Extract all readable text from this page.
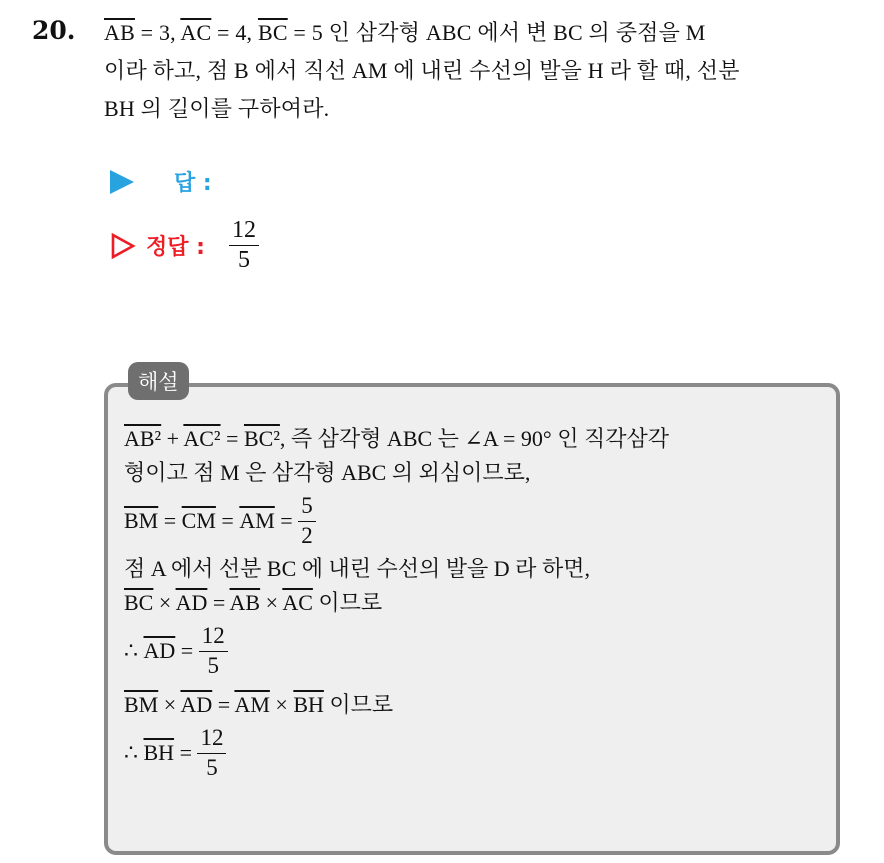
20. $\overline{AB} = 3$, $\overline{AC} = 4$, $\overline{BC} = 5$ 인 삼각형 ABC 에서 변 BC 의 중점을 M
이라 하고, 점 B 에서 직선 AM 에 내린 수선의 발을 H 라 할 때, 선분
BH 의 길이를 구하여라.
답 :
정답 : $\frac{12}{5}$
해설
AB² + AC² = BC², 즉 삼각형 ABC 는 ∠A = 90° 인 직각삼각
형이고 점 M 은 삼각형 ABC 의 외심이므로,
$\overline{BM} = \overline{CM} = \overline{AM} = \frac{5}{2}$
점 A 에서 선분 BC 에 내린 수선의 발을 D 라 하면,
$\overline{BC} \times \overline{AD} = \overline{AB} \times \overline{AC}$ 이므로
∴ $\overline{AD} = \frac{12}{5}$
$\overline{BM} \times \overline{AD} = \overline{AM} \times \overline{BH}$ 이므로
∴ $\overline{BH} = \frac{12}{5}$
